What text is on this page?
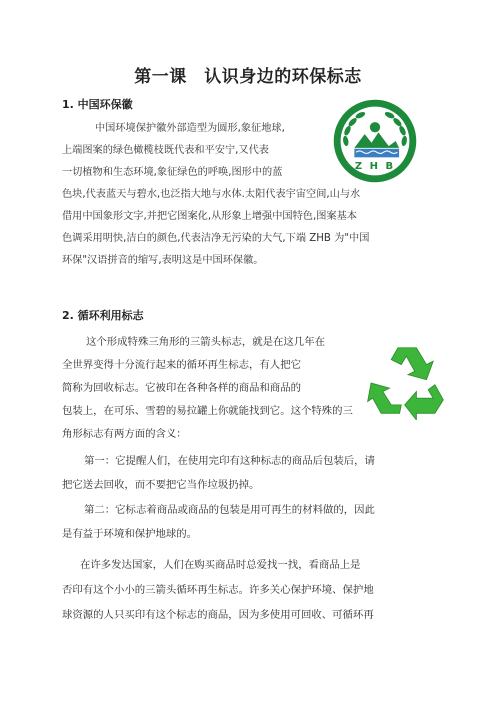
第一课　认识身边的环保标志
1. 中国环保徽
中国环境保护徽外部造型为圆形,象征地球,
上端图案的绿色橄榄枝既代表和平安宁,又代表
一切植物和生态环境,象征绿色的呼唤,图形中的蓝
色块,代表蓝天与碧水,也泛指大地与水体.太阳代表宇宙空间,山与水
借用中国象形文字,并把它图案化,从形象上增强中国特色,图案基本
色调采用明快,洁白的颜色,代表洁净无污染的大气,下端 ZHB 为"中国
环保"汉语拼音的缩写,表明这是中国环保徽。
Z H B
2. 循环利用标志
这个形成特殊三角形的三箭头标志，就是在这几年在
全世界变得十分流行起来的循环再生标志，有人把它
简称为回收标志。它被印在各种各样的商品和商品的
包装上，在可乐、雪碧的易拉罐上你就能找到它。这个特殊的三
角形标志有两方面的含义：
第一：它提醒人们，在使用完印有这种标志的商品后包装后，请
把它送去回收，而不要把它当作垃圾扔掉。
第二：它标志着商品或商品的包装是用可再生的材料做的，因此
是有益于环境和保护地球的。
在许多发达国家，人们在购买商品时总爱找一找，看商品上是
否印有这个小小的三箭头循环再生标志。许多关心保护环境、保护地
球资源的人只买印有这个标志的商品，因为多使用可回收、可循环再
